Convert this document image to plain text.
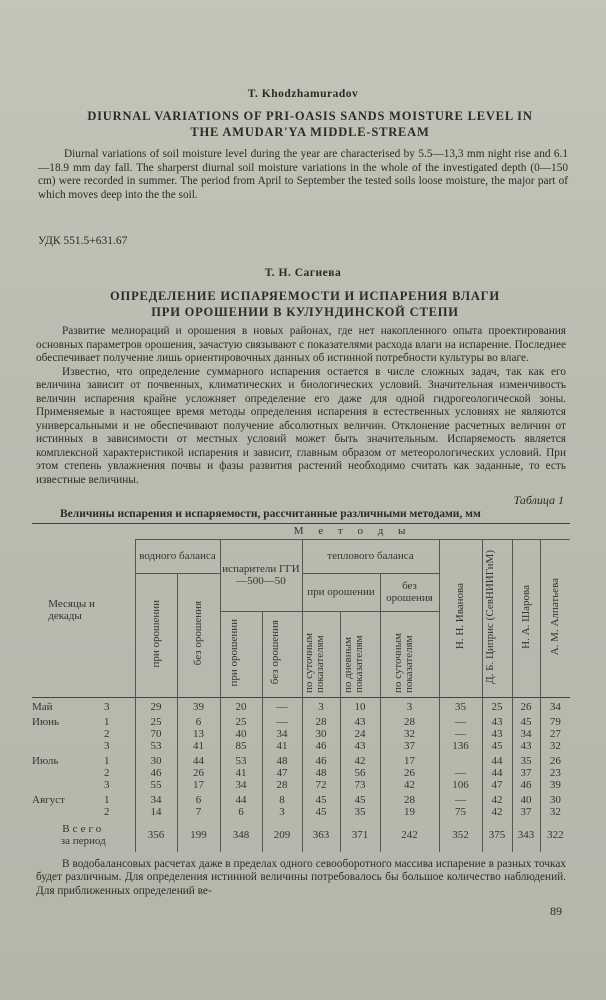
T. Khodzhamuradov
DIURNAL VARIATIONS OF PRI-OASIS SANDS MOISTURE LEVEL IN
THE AMUDAR'YA MIDDLE-STREAM
Diurnal variations of soil moisture level during the year are characterised by 5.5—13,3 mm night rise and 6.1—18.9 mm day fall. The sharperst diurnal soil moisture variations in the whole of the investigated depth (0—150 cm) were recorded in summer. The period from April to September the tested soils loose moisture, the major part of which moves deep into the the soil.
УДК 551.5+631.67
Т. Н. Сагиева
ОПРЕДЕЛЕНИЕ ИСПАРЯЕМОСТИ И ИСПАРЕНИЯ ВЛАГИ
ПРИ ОРОШЕНИИ В КУЛУНДИНСКОЙ СТЕПИ

Развитие мелиораций и орошения в новых районах, где нет накопленного опыта проектирования основных параметров орошения, зачастую связывают с показателями расхода влаги на испарение. Последнее обеспечивает получение лишь ориентировочных данных об истинной потребности культуры во влаге.

Известно, что определение суммарного испарения остается в числе сложных задач, так как его величина зависит от почвенных, климатических и биологических условий. Значительная изменчивость величин испарения крайне усложняет определение его даже для одной гидрогеологической зоны. Применяемые в настоящее время методы определения испарения в естественных условиях не являются универсальными и не обеспечивают получение абсолютных величин. Отклонение расчетных величин от истинных в зависимости от местных условий может быть значительным. Испаряемость является комплексной характеристикой испарения и зависит, главным образом от метеорологических условий. При этом степень увлажнения почвы и фазы развития растений необходимо считать как заданные, то есть известные величины.

Таблица 1
Величины испарения и испаряемости, рассчитанные различными методами, мм
Месяцы и декады	М е т о д ы										
	водного баланса		испарители ГГИ—500—50		теплового баланса			Н. Н. Иванова	Д. Б. Циприс (СевНИИГиМ)	Н. А. Шарова	А. М. Алпатьева
	при орошении	без орошения			при орошении		без орошения				
			при орошении	без орошения	по суточным показателям	по дневным показателям	по суточным показателям				
Май 3	29	39	20	—	3	10	3	35	25	26	34
Июнь 1	25	6	25	—	28	43	28	—	43	45	79
2	70	13	40	34	30	24	32	—	43	34	27
3	53	41	85	41	46	43	37	136	45	43	32
Июль 1	30	44	53	48	46	42	17		44	35	26
2	46	26	41	47	48	56	26	—	44	37	23
3	55	17	34	28	72	73	42	106	47	46	39
Август 1	34	6	44	8	45	45	28	—	42	40	30
2	14	7	6	3	45	35	19	75	42	37	32

Всего
за период	356	199	348	209	363	371	242	352	375	343	322
В водобалансовых расчетах даже в пределах одного севооборотного массива испарение в разных точках будет различным. Для определения истинной величины потребовалось бы большое количество наблюдений. Для приближенных определений ве-
89
